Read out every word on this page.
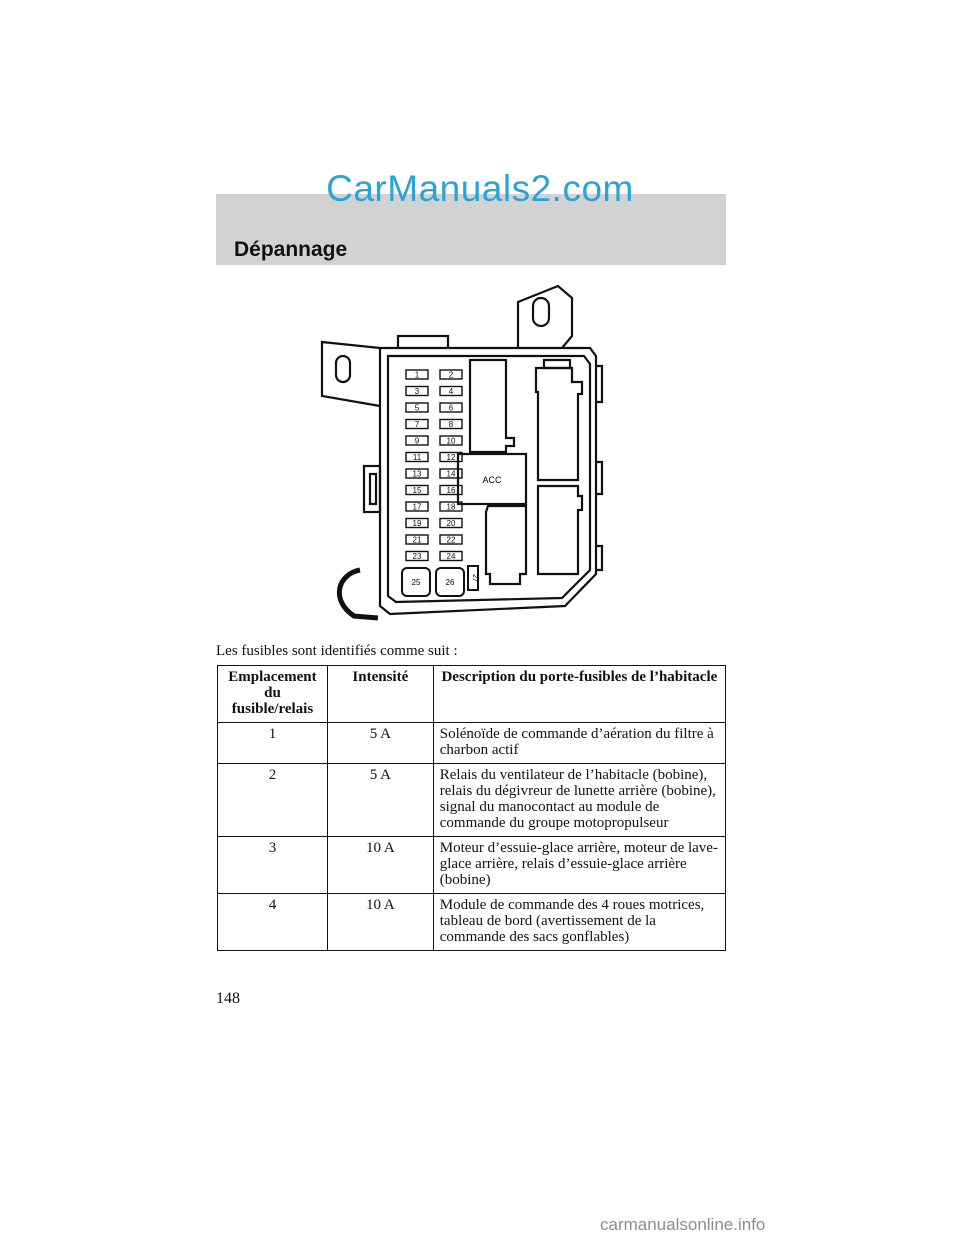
CarManuals2.com
Dépannage
1	2
3	4
5	6
7	8
9	10
11	12
13	14
15	16
17	18
19	20
21	22
23	24
25	26 27
ACC
Les fusibles sont identifiés comme suit :
Emplacement du fusible/relais	Intensité	Description du porte-fusibles de l’habitacle
1	5 A	Solénoïde de commande d’aération du filtre à charbon actif
2	5 A	Relais du ventilateur de l’habitacle (bobine), relais du dégivreur de lunette arrière (bobine), signal du manocontact au module de commande du groupe motopropulseur
3	10 A	Moteur d’essuie-glace arrière, moteur de lave-glace arrière, relais d’essuie-glace arrière (bobine)
4	10 A	Module de commande des 4 roues motrices, tableau de bord (avertissement de la commande des sacs gonflables)
148
carmanualsonline.info
